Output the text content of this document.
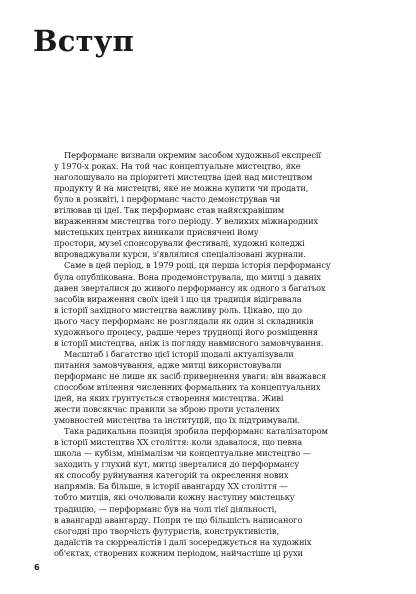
Вступ

Перформанс визнали окремим засобом художньої експресії
у 1970-х роках. На той час концептуальне мистецтво, яке
наголошувало на пріоритеті мистецтва ідей над мистецтвом
продукту й на мистецтві, яке не можна купити чи продати,
було в розквіті, і перформанс часто демонстрував чи
втілював ці ідеї. Так перформанс став найяскравішим
вираженням мистецтва того періоду. У великих міжнародних
мистецьких центрах виникали присвячені йому
простори, музеї спонсорували фестивалі, художні коледжі
впроваджували курси, з'являлися спеціалізовані журнали.

Саме в цей період, в 1979 році, ця перша історія перформансу
була опублікована. Вона продемонструвала, що митці з давніх
давен зверталися до живого перформансу як одного з багатьох
засобів вираження своїх ідей і що ця традиція відігравала
в історії західного мистецтва важливу роль. Цікаво, що до
цього часу перформанс не розглядали як один зі складників
художнього процесу, радше через труднощі його розміщення
в історії мистецтва, аніж із погляду навмисного замовчування.

Масштаб і багатство цієї історії щодалі актуалізували
питання замовчування, адже митці використовували
перформанс не лише як засіб привернення уваги: він вважався
способом втілення численних формальних та концептуальних
ідей, на яких ґрунтується створення мистецтва. Живі
жести повсякчас правили за зброю проти усталених
умовностей мистецтва та інституцій, що їх підтримували.

Така радикальна позиція зробила перформанс каталізатором
в історії мистецтва ХХ століття: коли здавалося, що певна
школа — кубізм, мінімалізм чи концептуальне мистецтво —
заходить у глухий кут, митці зверталися до перформансу
як способу руйнування категорій та окреслення нових
напрямів. Ба більше, в історії авангарду ХХ століття —
тобто митців, які очолювали кожну наступну мистецьку
традицію, — перформанс був на чолі тієї діяльності,
в авангарді авангарду. Попри те що більшість написаного
сьогодні про творчість футуристів, конструктивістів,
дадаїстів та сюрреалістів і далі зосереджується на художніх
об'єктах, створених кожним періодом, найчастіше ці рухи

6
